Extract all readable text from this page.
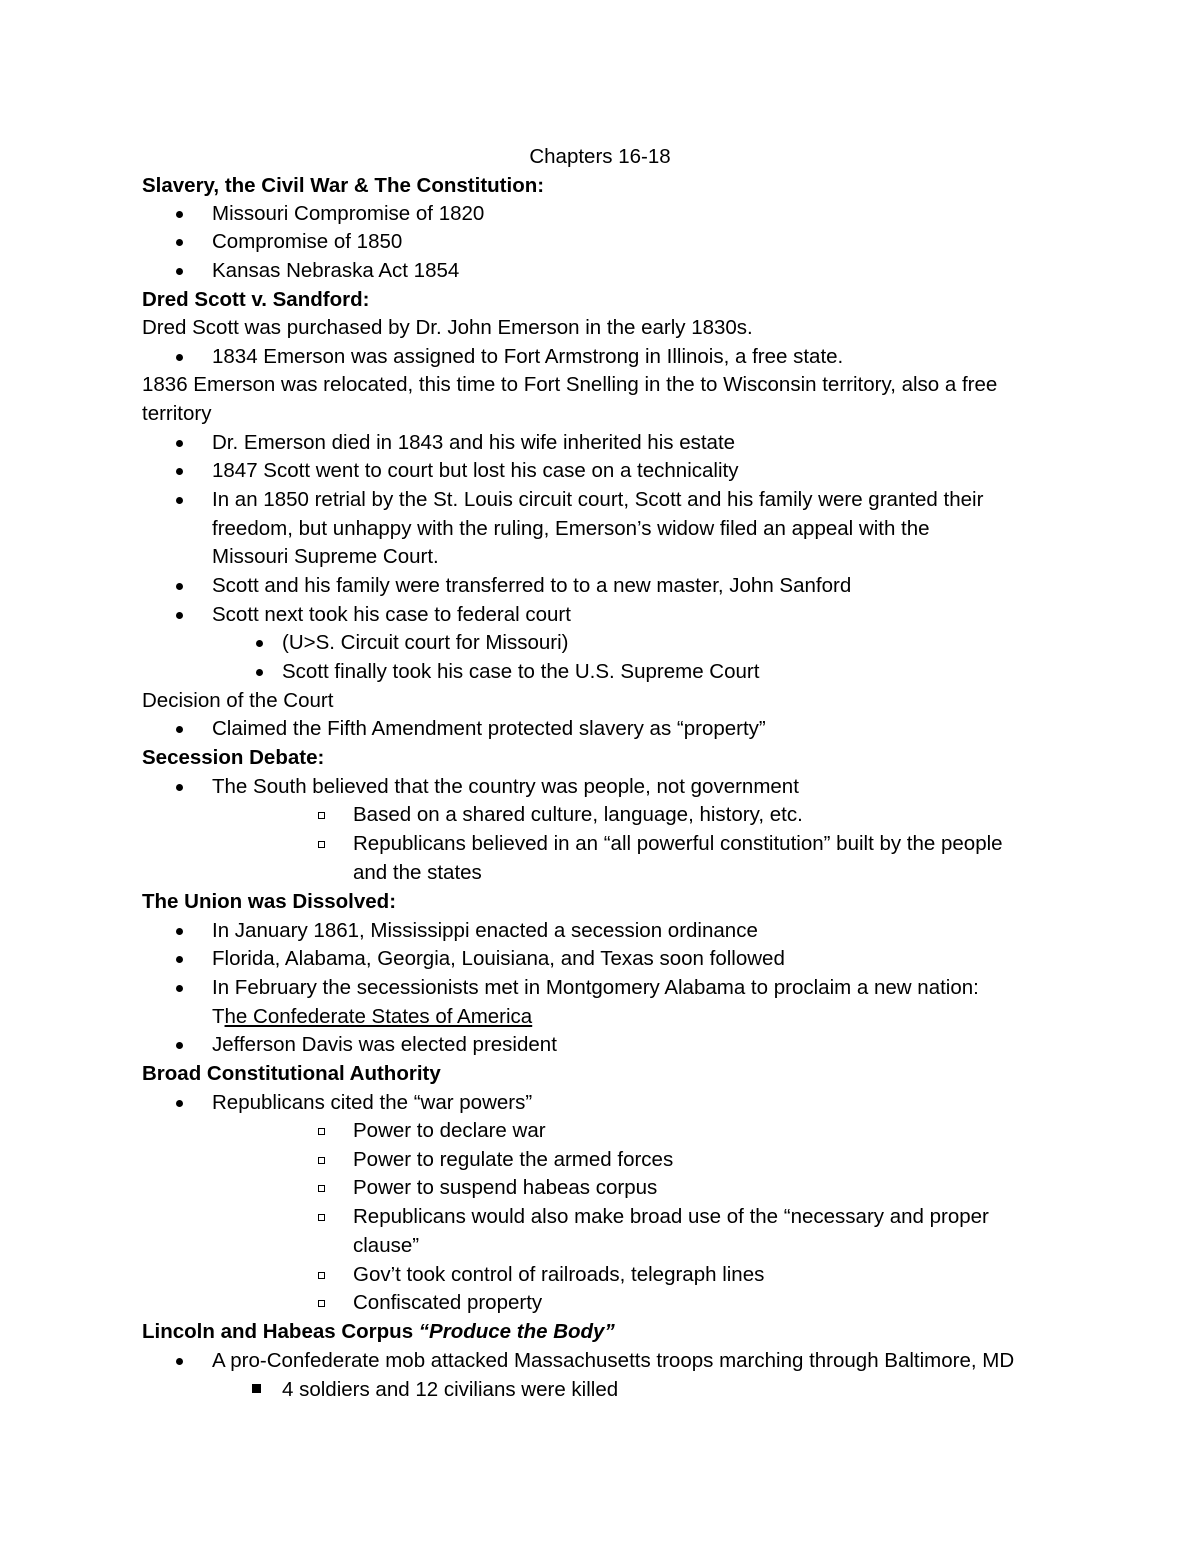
Chapters 16-18
Slavery, the Civil War & The Constitution:
Missouri Compromise of 1820
Compromise of 1850
Kansas Nebraska Act 1854
Dred Scott v. Sandford:
Dred Scott was purchased by Dr. John Emerson in the early 1830s.
1834 Emerson was assigned to Fort Armstrong in Illinois, a free state.
1836 Emerson was relocated, this time to Fort Snelling in the to Wisconsin territory, also a free
territory
Dr. Emerson died in 1843 and his wife inherited his estate
1847 Scott went to court but lost his case on a technicality
In an 1850 retrial by the St. Louis circuit court, Scott and his family were granted their
freedom, but unhappy with the ruling, Emerson’s widow filed an appeal with the
Missouri Supreme Court.
Scott and his family were transferred to to a new master, John Sanford
Scott next took his case to federal court
(U>S. Circuit court for Missouri)
Scott finally took his case to the U.S. Supreme Court
Decision of the Court
Claimed the Fifth Amendment protected slavery as “property”
Secession Debate:
The South believed that the country was people, not government
Based on a shared culture, language, history, etc.
Republicans believed in an “all powerful constitution” built by the people
and the states
The Union was Dissolved:
In January 1861, Mississippi enacted a secession ordinance
Florida, Alabama, Georgia, Louisiana, and Texas soon followed
In February the secessionists met in Montgomery Alabama to proclaim a new nation:
The Confederate States of America
Jefferson Davis was elected president
Broad Constitutional Authority
Republicans cited the “war powers”
Power to declare war
Power to regulate the armed forces
Power to suspend habeas corpus
Republicans would also make broad use of the “necessary and proper
clause”
Gov’t took control of railroads, telegraph lines
Confiscated property
Lincoln and Habeas Corpus “Produce the Body”
A pro-Confederate mob attacked Massachusetts troops marching through Baltimore, MD
4 soldiers and 12 civilians were killed
